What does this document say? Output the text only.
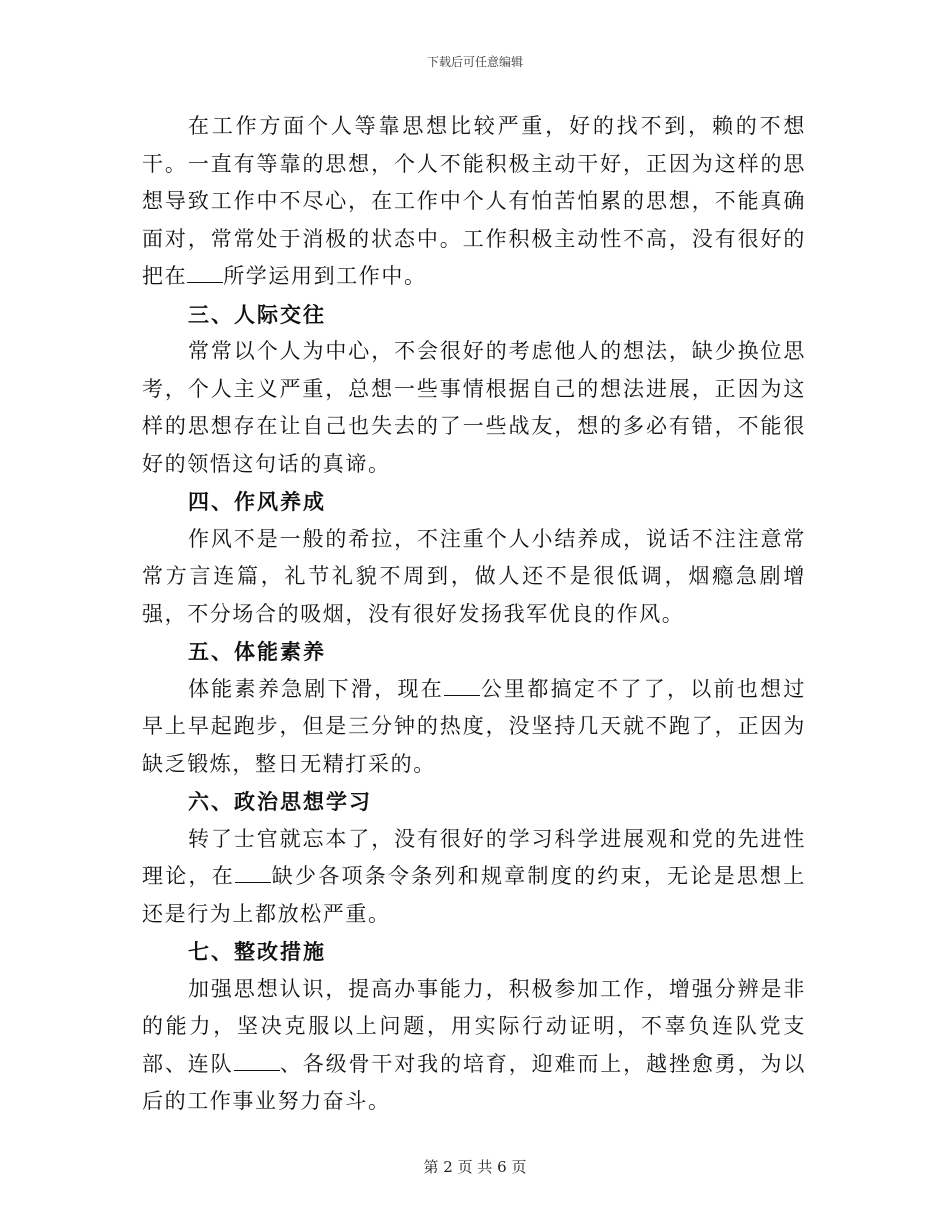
下载后可任意编辑

在工作方面个人等靠思想比较严重，好的找不到，赖的不想干。一直有等靠的思想，个人不能积极主动干好，正因为这样的思想导致工作中不尽心，在工作中个人有怕苦怕累的思想，不能真确面对，常常处于消极的状态中。工作积极主动性不高，没有很好的把在 所学运用到工作中。

三、人际交往

常常以个人为中心，不会很好的考虑他人的想法，缺少换位思考，个人主义严重，总想一些事情根据自己的想法进展，正因为这样的思想存在让自己也失去的了一些战友，想的多必有错，不能很好的领悟这句话的真谛。

四、作风养成

作风不是一般的希拉，不注重个人小结养成，说话不注注意常常方言连篇，礼节礼貌不周到，做人还不是很低调，烟瘾急剧增强，不分场合的吸烟，没有很好发扬我军优良的作风。

五、体能素养

体能素养急剧下滑，现在 公里都搞定不了了，以前也想过早上早起跑步，但是三分钟的热度，没坚持几天就不跑了，正因为缺乏锻炼，整日无精打采的。

六、政治思想学习

转了士官就忘本了，没有很好的学习科学进展观和党的先进性理论，在 缺少各项条令条列和规章制度的约束，无论是思想上还是行为上都放松严重。

七、整改措施

加强思想认识，提高办事能力，积极参加工作，增强分辨是非的能力，坚决克服以上问题，用实际行动证明，不辜负连队党支部、连队 、各级骨干对我的培育，迎难而上，越挫愈勇，为以后的工作事业努力奋斗。

第 2 页 共 6 页
